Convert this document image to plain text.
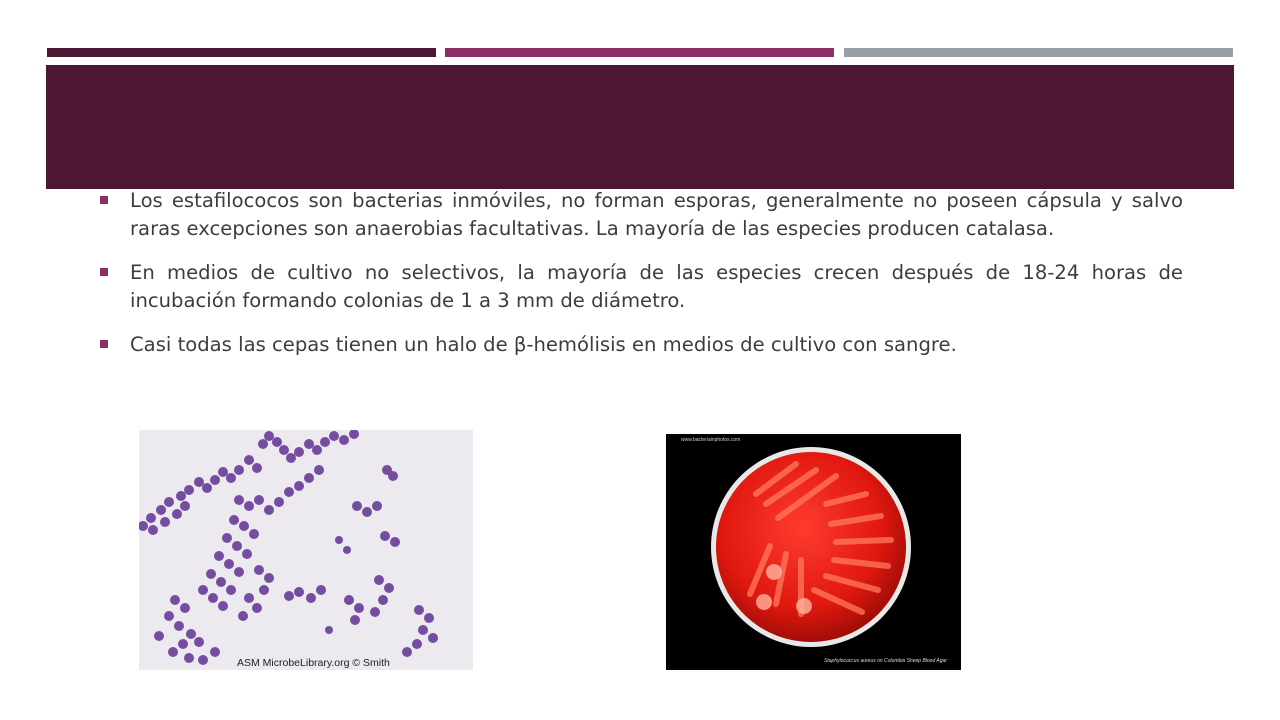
Los estafilococos son bacterias inmóviles, no forman esporas, generalmente no poseen cápsula y salvo raras excepciones son anaerobias facultativas. La mayoría de las especies producen catalasa.
En medios de cultivo no selectivos, la mayoría de las especies crecen después de 18-24 horas de incubación formando colonias de 1 a 3 mm de diámetro.
Casi todas las cepas tienen un halo de β-hemólisis en medios de cultivo con sangre.
ASM MicrobeLibrary.org © Smith
www.bacteriainphotos.com
Staphylococcus aureus on Columbia Sheep Blood Agar
